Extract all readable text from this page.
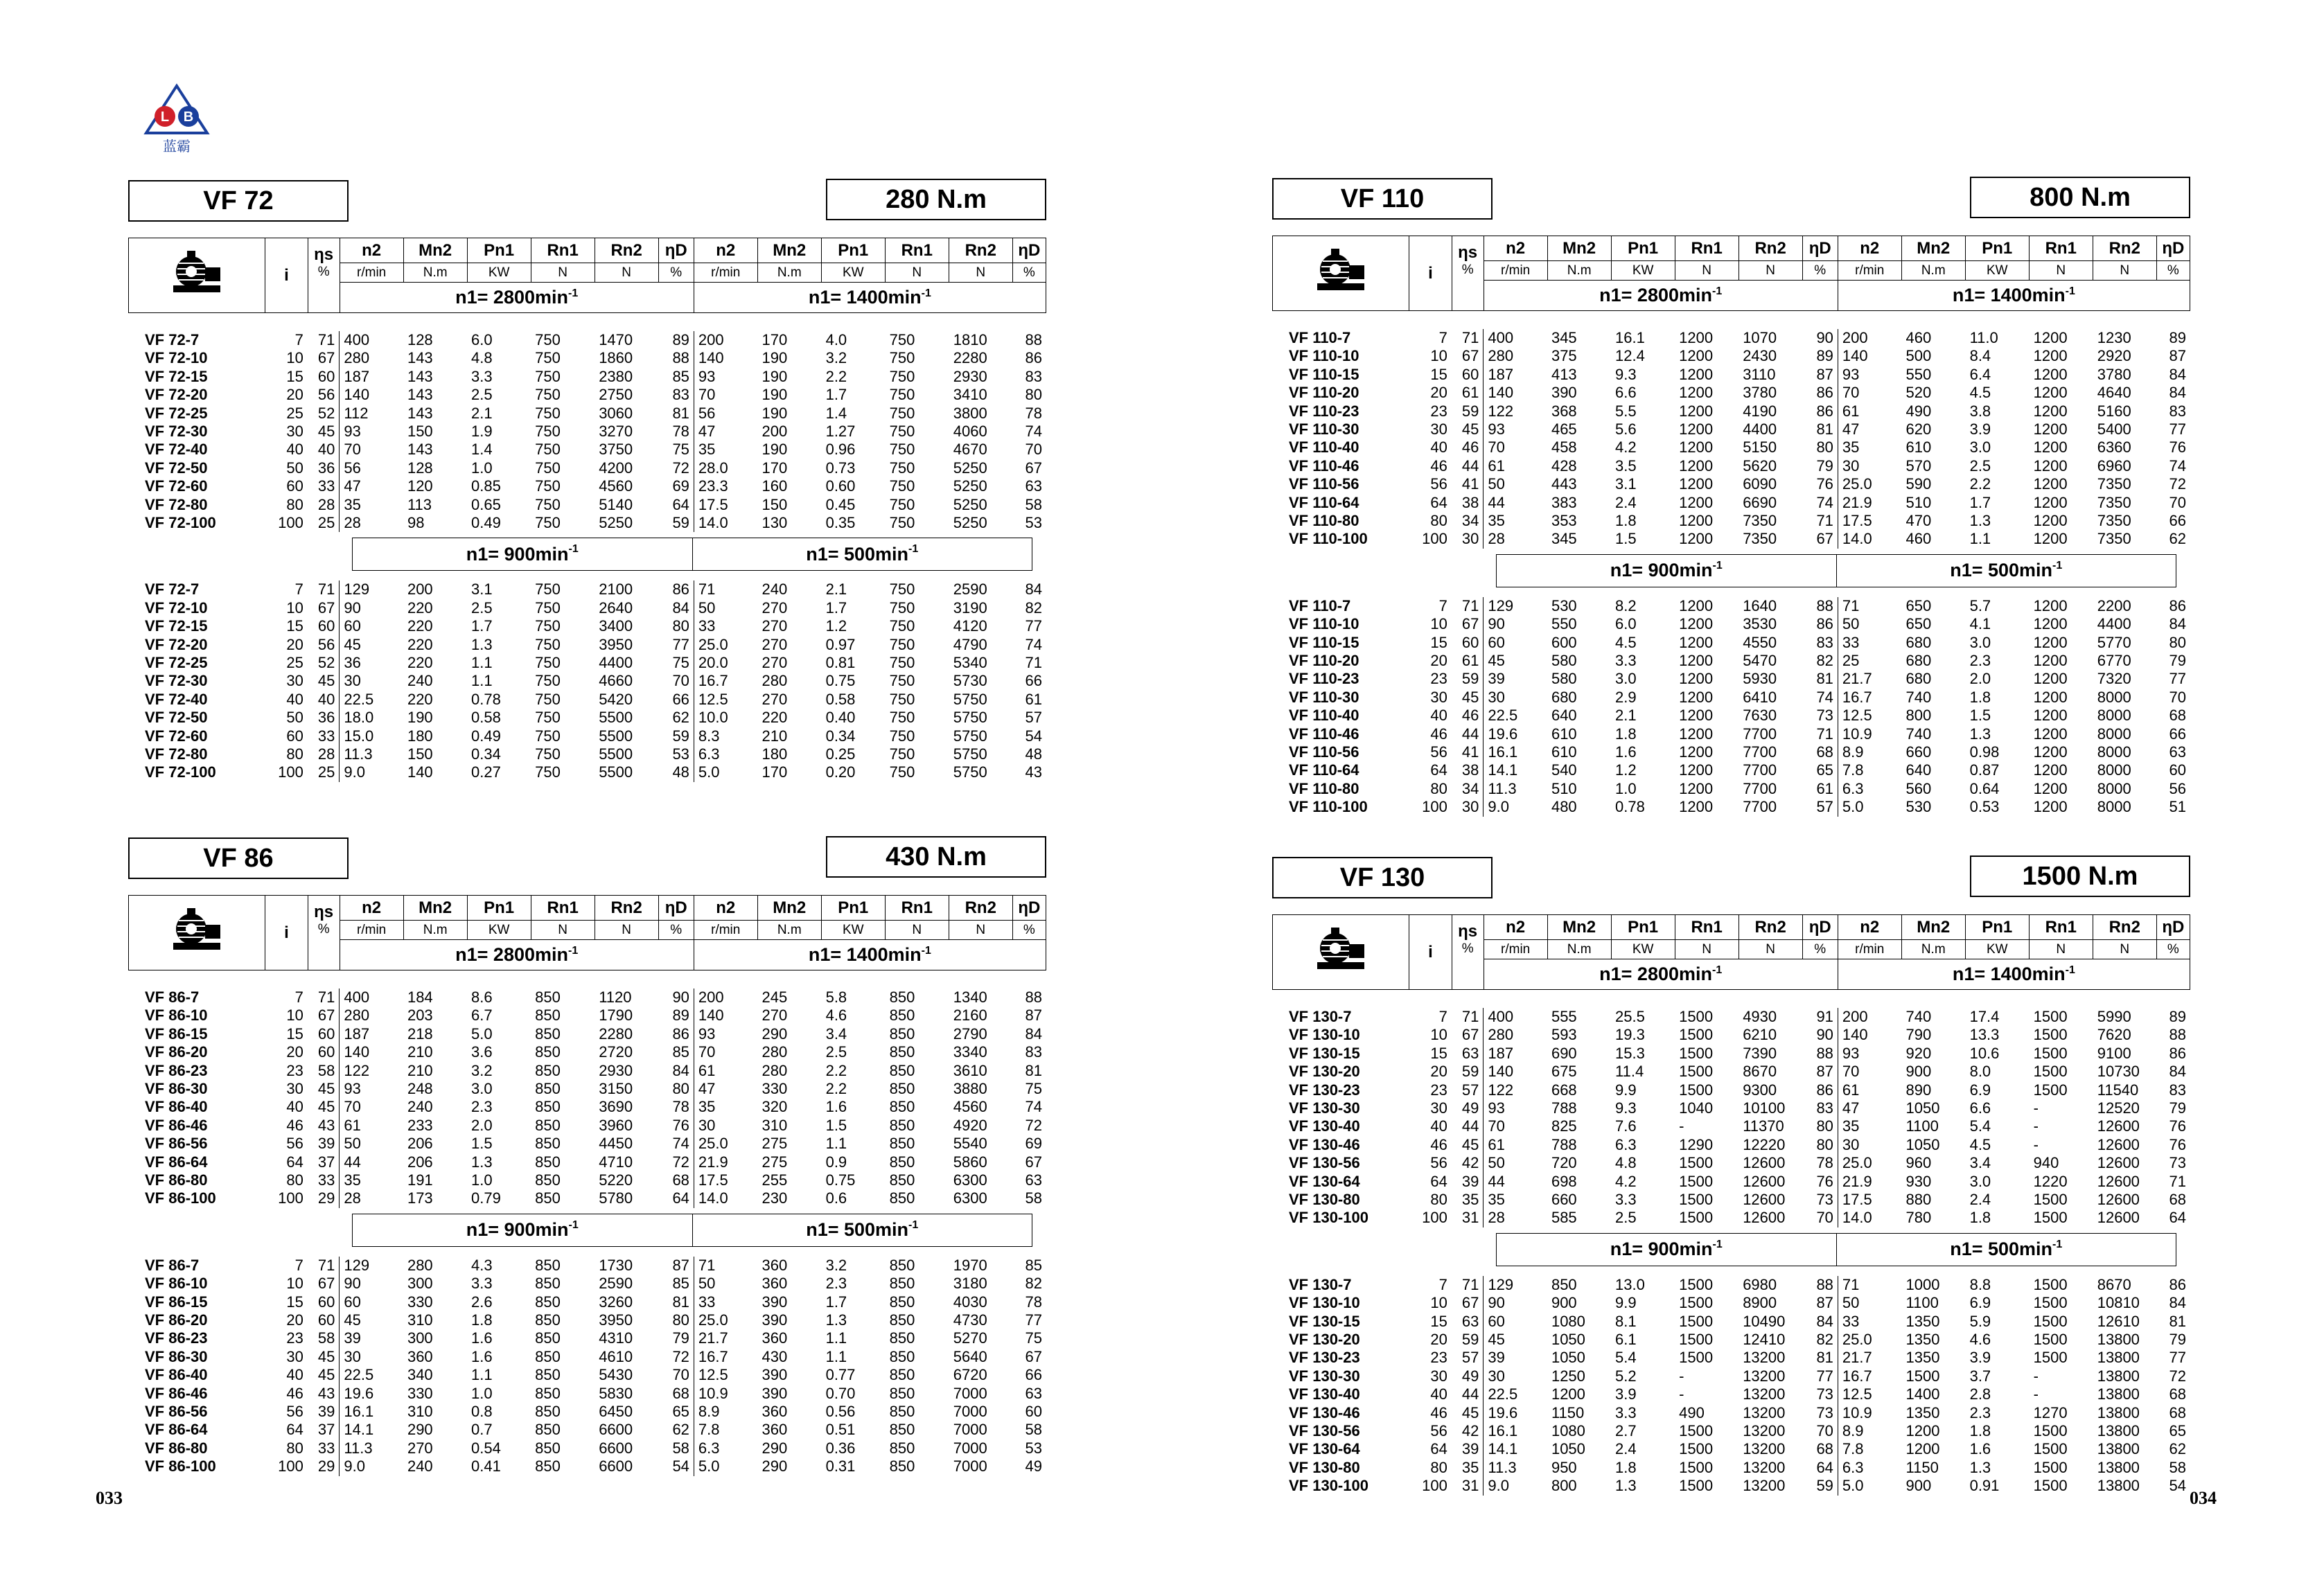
L B
蓝霸
033	034
VF 72	280 N.m
	i	ηs
%	n2	Mn2	Pn1	Rn1	Rn2	ηD	n2	Mn2	Pn1	Rn1	Rn2	ηD
			r/min	N.m	KW	N	N	%	r/min	N.m	KW	N	N	%
			$n1= 2800\min^{-1}$						$n1= 1400\min^{-1}$
VF 72-7	7	71	400	128	6.0	750	1470	89	200	170	4.0	750	1810	88
VF 72-10	10	67	280	143	4.8	750	1860	88	140	190	3.2	750	2280	86
VF 72-15	15	60	187	143	3.3	750	2380	85	93	190	2.2	750	2930	83
VF 72-20	20	56	140	143	2.5	750	2750	83	70	190	1.7	750	3410	80
VF 72-25	25	52	112	143	2.1	750	3060	81	56	190	1.4	750	3800	78
VF 72-30	30	45	93	150	1.9	750	3270	78	47	200	1.27	750	4060	74
VF 72-40	40	40	70	143	1.4	750	3750	75	35	190	0.96	750	4670	70
VF 72-50	50	36	56	128	1.0	750	4200	72	28.0	170	0.73	750	5250	67
VF 72-60	60	33	47	120	0.85	750	4560	69	23.3	160	0.60	750	5250	63
VF 72-80	80	28	35	113	0.65	750	5140	64	17.5	150	0.45	750	5250	58
VF 72-100	100	25	28	98	0.49	750	5250	59	14.0	130	0.35	750	5250	53
$n1= 900\min^{-1}$	$n1= 500\min^{-1}$
VF 72-7	7	71	129	200	3.1	750	2100	86	71	240	2.1	750	2590	84
VF 72-10	10	67	90	220	2.5	750	2640	84	50	270	1.7	750	3190	82
VF 72-15	15	60	60	220	1.7	750	3400	80	33	270	1.2	750	4120	77
VF 72-20	20	56	45	220	1.3	750	3950	77	25.0	270	0.97	750	4790	74
VF 72-25	25	52	36	220	1.1	750	4400	75	20.0	270	0.81	750	5340	71
VF 72-30	30	45	30	240	1.1	750	4660	70	16.7	280	0.75	750	5730	66
VF 72-40	40	40	22.5	220	0.78	750	5420	66	12.5	270	0.58	750	5750	61
VF 72-50	50	36	18.0	190	0.58	750	5500	62	10.0	220	0.40	750	5750	57
VF 72-60	60	33	15.0	180	0.49	750	5500	59	8.3	210	0.34	750	5750	54
VF 72-80	80	28	11.3	150	0.34	750	5500	53	6.3	180	0.25	750	5750	48
VF 72-100	100	25	9.0	140	0.27	750	5500	48	5.0	170	0.20	750	5750	43
VF 86	430 N.m
	i	ηs
%	n2	Mn2	Pn1	Rn1	Rn2	ηD	n2	Mn2	Pn1	Rn1	Rn2	ηD
			r/min	N.m	KW	N	N	%	r/min	N.m	KW	N	N	%
			$n1= 2800\min^{-1}$						$n1= 1400\min^{-1}$
VF 86-7	7	71	400	184	8.6	850	1120	90	200	245	5.8	850	1340	88
VF 86-10	10	67	280	203	6.7	850	1790	89	140	270	4.6	850	2160	87
VF 86-15	15	60	187	218	5.0	850	2280	86	93	290	3.4	850	2790	84
VF 86-20	20	60	140	210	3.6	850	2720	85	70	280	2.5	850	3340	83
VF 86-23	23	58	122	210	3.2	850	2930	84	61	280	2.2	850	3610	81
VF 86-30	30	45	93	248	3.0	850	3150	80	47	330	2.2	850	3880	75
VF 86-40	40	45	70	240	2.3	850	3690	78	35	320	1.6	850	4560	74
VF 86-46	46	43	61	233	2.0	850	3960	76	30	310	1.5	850	4920	72
VF 86-56	56	39	50	206	1.5	850	4450	74	25.0	275	1.1	850	5540	69
VF 86-64	64	37	44	206	1.3	850	4710	72	21.9	275	0.9	850	5860	67
VF 86-80	80	33	35	191	1.0	850	5220	68	17.5	255	0.75	850	6300	63
VF 86-100	100	29	28	173	0.79	850	5780	64	14.0	230	0.6	850	6300	58
$n1= 900\min^{-1}$	$n1= 500\min^{-1}$
VF 86-7	7	71	129	280	4.3	850	1730	87	71	360	3.2	850	1970	85
VF 86-10	10	67	90	300	3.3	850	2590	85	50	360	2.3	850	3180	82
VF 86-15	15	60	60	330	2.6	850	3260	81	33	390	1.7	850	4030	78
VF 86-20	20	60	45	310	1.8	850	3950	80	25.0	390	1.3	850	4730	77
VF 86-23	23	58	39	300	1.6	850	4310	79	21.7	360	1.1	850	5270	75
VF 86-30	30	45	30	360	1.6	850	4610	72	16.7	430	1.1	850	5640	67
VF 86-40	40	45	22.5	340	1.1	850	5430	70	12.5	390	0.77	850	6720	66
VF 86-46	46	43	19.6	330	1.0	850	5830	68	10.9	390	0.70	850	7000	63
VF 86-56	56	39	16.1	310	0.8	850	6450	65	8.9	360	0.56	850	7000	60
VF 86-64	64	37	14.1	290	0.7	850	6600	62	7.8	360	0.51	850	7000	58
VF 86-80	80	33	11.3	270	0.54	850	6600	58	6.3	290	0.36	850	7000	53
VF 86-100	100	29	9.0	240	0.41	850	6600	54	5.0	290	0.31	850	7000	49
VF 110	800 N.m
	i	ηs
%	n2	Mn2	Pn1	Rn1	Rn2	ηD	n2	Mn2	Pn1	Rn1	Rn2	ηD
			r/min	N.m	KW	N	N	%	r/min	N.m	KW	N	N	%
			$n1= 2800\min^{-1}$						$n1= 1400\min^{-1}$
VF 110-7	7	71	400	345	16.1	1200	1070	90	200	460	11.0	1200	1230	89
VF 110-10	10	67	280	375	12.4	1200	2430	89	140	500	8.4	1200	2920	87
VF 110-15	15	60	187	413	9.3	1200	3110	87	93	550	6.4	1200	3780	84
VF 110-20	20	61	140	390	6.6	1200	3780	86	70	520	4.5	1200	4640	84
VF 110-23	23	59	122	368	5.5	1200	4190	86	61	490	3.8	1200	5160	83
VF 110-30	30	45	93	465	5.6	1200	4400	81	47	620	3.9	1200	5400	77
VF 110-40	40	46	70	458	4.2	1200	5150	80	35	610	3.0	1200	6360	76
VF 110-46	46	44	61	428	3.5	1200	5620	79	30	570	2.5	1200	6960	74
VF 110-56	56	41	50	443	3.1	1200	6090	76	25.0	590	2.2	1200	7350	72
VF 110-64	64	38	44	383	2.4	1200	6690	74	21.9	510	1.7	1200	7350	70
VF 110-80	80	34	35	353	1.8	1200	7350	71	17.5	470	1.3	1200	7350	66
VF 110-100	100	30	28	345	1.5	1200	7350	67	14.0	460	1.1	1200	7350	62
$n1= 900\min^{-1}$	$n1= 500\min^{-1}$
VF 110-7	7	71	129	530	8.2	1200	1640	88	71	650	5.7	1200	2200	86
VF 110-10	10	67	90	550	6.0	1200	3530	86	50	650	4.1	1200	4400	84
VF 110-15	15	60	60	600	4.5	1200	4550	83	33	680	3.0	1200	5770	80
VF 110-20	20	61	45	580	3.3	1200	5470	82	25	680	2.3	1200	6770	79
VF 110-23	23	59	39	580	3.0	1200	5930	81	21.7	680	2.0	1200	7320	77
VF 110-30	30	45	30	680	2.9	1200	6410	74	16.7	740	1.8	1200	8000	70
VF 110-40	40	46	22.5	640	2.1	1200	7630	73	12.5	800	1.5	1200	8000	68
VF 110-46	46	44	19.6	610	1.8	1200	7700	71	10.9	740	1.3	1200	8000	66
VF 110-56	56	41	16.1	610	1.6	1200	7700	68	8.9	660	0.98	1200	8000	63
VF 110-64	64	38	14.1	540	1.2	1200	7700	65	7.8	640	0.87	1200	8000	60
VF 110-80	80	34	11.3	510	1.0	1200	7700	61	6.3	560	0.64	1200	8000	56
VF 110-100	100	30	9.0	480	0.78	1200	7700	57	5.0	530	0.53	1200	8000	51
VF 130	1500 N.m
	i	ηs
%	n2	Mn2	Pn1	Rn1	Rn2	ηD	n2	Mn2	Pn1	Rn1	Rn2	ηD
			r/min	N.m	KW	N	N	%	r/min	N.m	KW	N	N	%
			$n1= 2800\min^{-1}$						$n1= 1400\min^{-1}$
VF 130-7	7	71	400	555	25.5	1500	4930	91	200	740	17.4	1500	5990	89
VF 130-10	10	67	280	593	19.3	1500	6210	90	140	790	13.3	1500	7620	88
VF 130-15	15	63	187	690	15.3	1500	7390	88	93	920	10.6	1500	9100	86
VF 130-20	20	59	140	675	11.4	1500	8670	87	70	900	8.0	1500	10730	84
VF 130-23	23	57	122	668	9.9	1500	9300	86	61	890	6.9	1500	11540	83
VF 130-30	30	49	93	788	9.3	1040	10100	83	47	1050	6.6	-	12520	79
VF 130-40	40	44	70	825	7.6	-	11370	80	35	1100	5.4	-	12600	76
VF 130-46	46	45	61	788	6.3	1290	12220	80	30	1050	4.5	-	12600	76
VF 130-56	56	42	50	720	4.8	1500	12600	78	25.0	960	3.4	940	12600	73
VF 130-64	64	39	44	698	4.2	1500	12600	76	21.9	930	3.0	1220	12600	71
VF 130-80	80	35	35	660	3.3	1500	12600	73	17.5	880	2.4	1500	12600	68
VF 130-100	100	31	28	585	2.5	1500	12600	70	14.0	780	1.8	1500	12600	64
$n1= 900\min^{-1}$	$n1= 500\min^{-1}$
VF 130-7	7	71	129	850	13.0	1500	6980	88	71	1000	8.8	1500	8670	86
VF 130-10	10	67	90	900	9.9	1500	8900	87	50	1100	6.9	1500	10810	84
VF 130-15	15	63	60	1080	8.1	1500	10490	84	33	1350	5.9	1500	12610	81
VF 130-20	20	59	45	1050	6.1	1500	12410	82	25.0	1350	4.6	1500	13800	79
VF 130-23	23	57	39	1050	5.4	1500	13200	81	21.7	1350	3.9	1500	13800	77
VF 130-30	30	49	30	1250	5.2	-	13200	77	16.7	1500	3.7	-	13800	72
VF 130-40	40	44	22.5	1200	3.9	-	13200	73	12.5	1400	2.8	-	13800	68
VF 130-46	46	45	19.6	1150	3.3	490	13200	73	10.9	1350	2.3	1270	13800	68
VF 130-56	56	42	16.1	1080	2.7	1500	13200	70	8.9	1200	1.8	1500	13800	65
VF 130-64	64	39	14.1	1050	2.4	1500	13200	68	7.8	1200	1.6	1500	13800	62
VF 130-80	80	35	11.3	950	1.8	1500	13200	64	6.3	1150	1.3	1500	13800	58
VF 130-100	100	31	9.0	800	1.3	1500	13200	59	5.0	900	0.91	1500	13800	54
